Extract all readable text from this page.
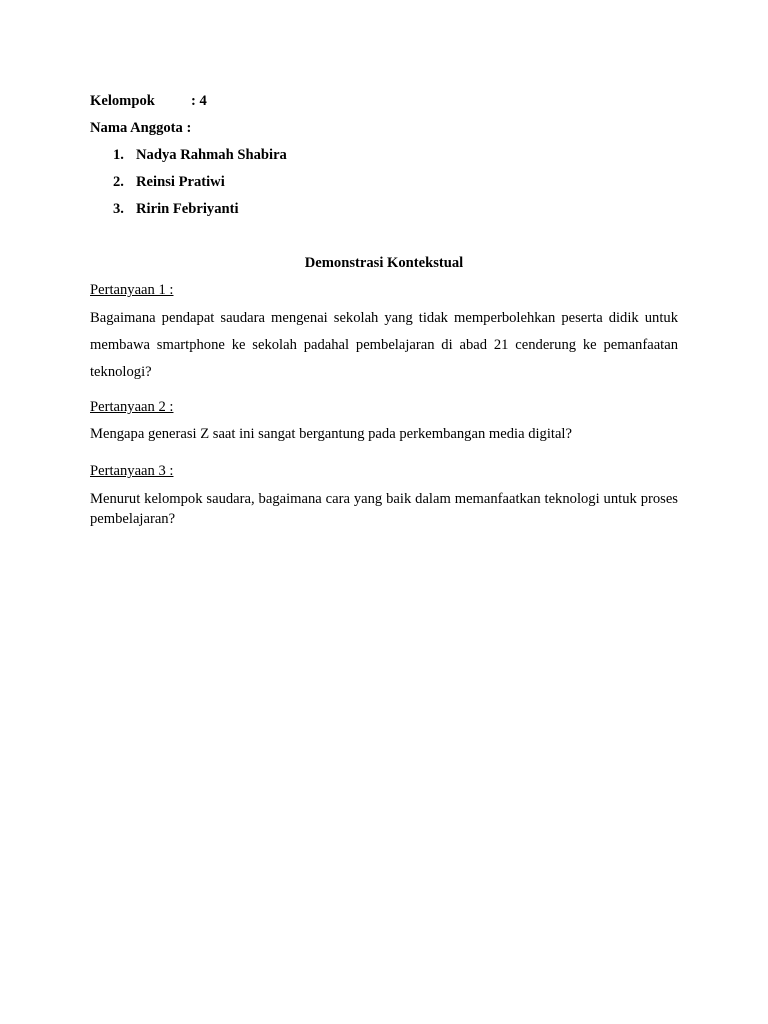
Kelompok : 4
Nama Anggota :
1. Nadya Rahmah Shabira
2. Reinsi Pratiwi
3. Ririn Febriyanti
Demonstrasi Kontekstual
Pertanyaan 1 :
Bagaimana pendapat saudara mengenai sekolah yang tidak memperbolehkan peserta didik untuk membawa smartphone ke sekolah padahal pembelajaran di abad 21 cenderung ke pemanfaatan teknologi?
Pertanyaan 2 :
Mengapa generasi Z saat ini sangat bergantung pada perkembangan media digital?
Pertanyaan 3 :
Menurut kelompok saudara, bagaimana cara yang baik dalam memanfaatkan teknologi untuk proses pembelajaran?
